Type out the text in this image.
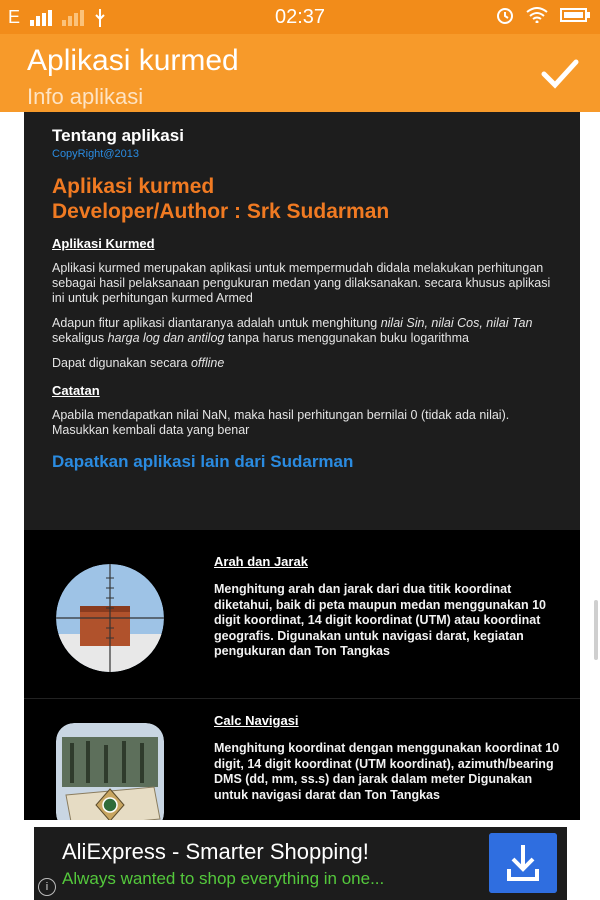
E	02:37
Aplikasi kurmed
Info aplikasi
Tentang aplikasi
CopyRight@2013
Aplikasi kurmed
Developer/Author : Srk Sudarman
Aplikasi Kurmed

Aplikasi kurmed merupakan aplikasi untuk mempermudah didala melakukan perhitungan sebagai hasil pelaksanaan pengukuran medan yang dilaksanakan. secara khusus aplikasi ini untuk perhitungan kurmed Armed

Adapun fitur aplikasi diantaranya adalah untuk menghitung nilai Sin, nilai Cos, nilai Tan sekaligus harga log dan antilog tanpa harus menggunakan buku logarithma

Dapat digunakan secara offline

Catatan

Apabila mendapatkan nilai NaN, maka hasil perhitungan bernilai 0 (tidak ada nilai). Masukkan kembali data yang benar

Dapatkan aplikasi lain dari Sudarman
Arah dan Jarak
Menghitung arah dan jarak dari dua titik koordinat diketahui, baik di peta maupun medan menggunakan 10 digit koordinat, 14 digit koordinat (UTM) atau koordinat geografis. Digunakan untuk navigasi darat, kegiatan pengukuran dan Ton Tangkas
Calc Navigasi
Menghitung koordinat dengan menggunakan koordinat 10 digit, 14 digit koordinat (UTM koordinat), azimuth/bearing DMS (dd, mm, ss.s) dan jarak dalam meter Digunakan untuk navigasi darat dan Ton Tangkas
AliExpress - Smarter Shopping!
Always wanted to shop everything in one...
i
